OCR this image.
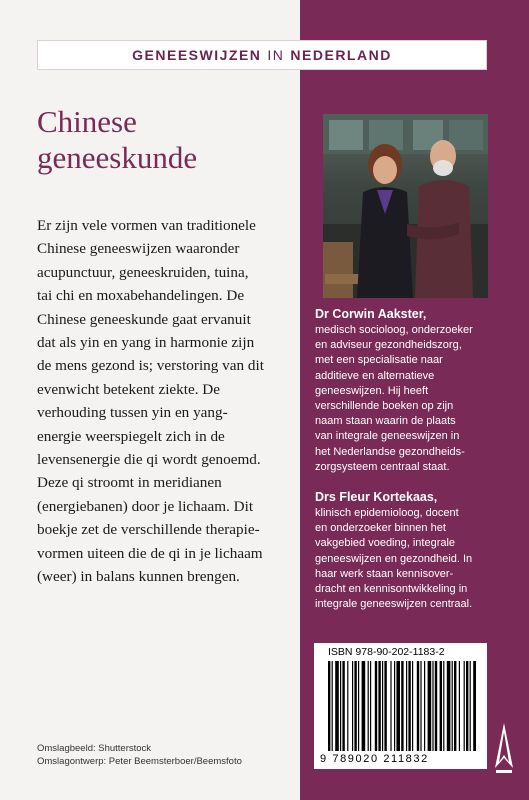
GENEESWIJZEN IN NEDERLAND
Chinese
geneeskunde
Er zijn vele vormen van traditionele
Chinese geneeswijzen waaronder
acupunctuur, geneeskruiden, tuina,
tai chi en moxabehandelingen. De
Chinese geneeskunde gaat ervanuit
dat als yin en yang in harmonie zijn
de mens gezond is; verstoring van dit
evenwicht betekent ziekte. De
verhouding tussen yin en yang-
energie weerspiegelt zich in de
levensenergie die qi wordt genoemd.
Deze qi stroomt in meridianen
(energiebanen) door je lichaam. Dit
boekje zet de verschillende therapie-
vormen uiteen die de qi in je lichaam
(weer) in balans kunnen brengen.
Omslagbeeld: Shutterstock
Omslagontwerp: Peter Beemsterboer/Beemsfoto

Dr Corwin Aakster,

medisch socioloog, onderzoeker
en adviseur gezondheidszorg,
met een specialisatie naar
additieve en alternatieve
geneeswijzen. Hij heeft
verschillende boeken op zijn
naam staan waarin de plaats
van integrale geneeswijzen in
het Nederlandse gezondheids-
zorgsysteem centraal staat.

Drs Fleur Kortekaas,

klinisch epidemioloog, docent
en onderzoeker binnen het
vakgebied voeding, integrale
geneeswijzen en gezondheid. In
haar werk staan kennisover-
dracht en kennisontwikkeling in
integrale geneeswijzen centraal.

ISBN 978-90-202-1183-2
9 789020 211832
